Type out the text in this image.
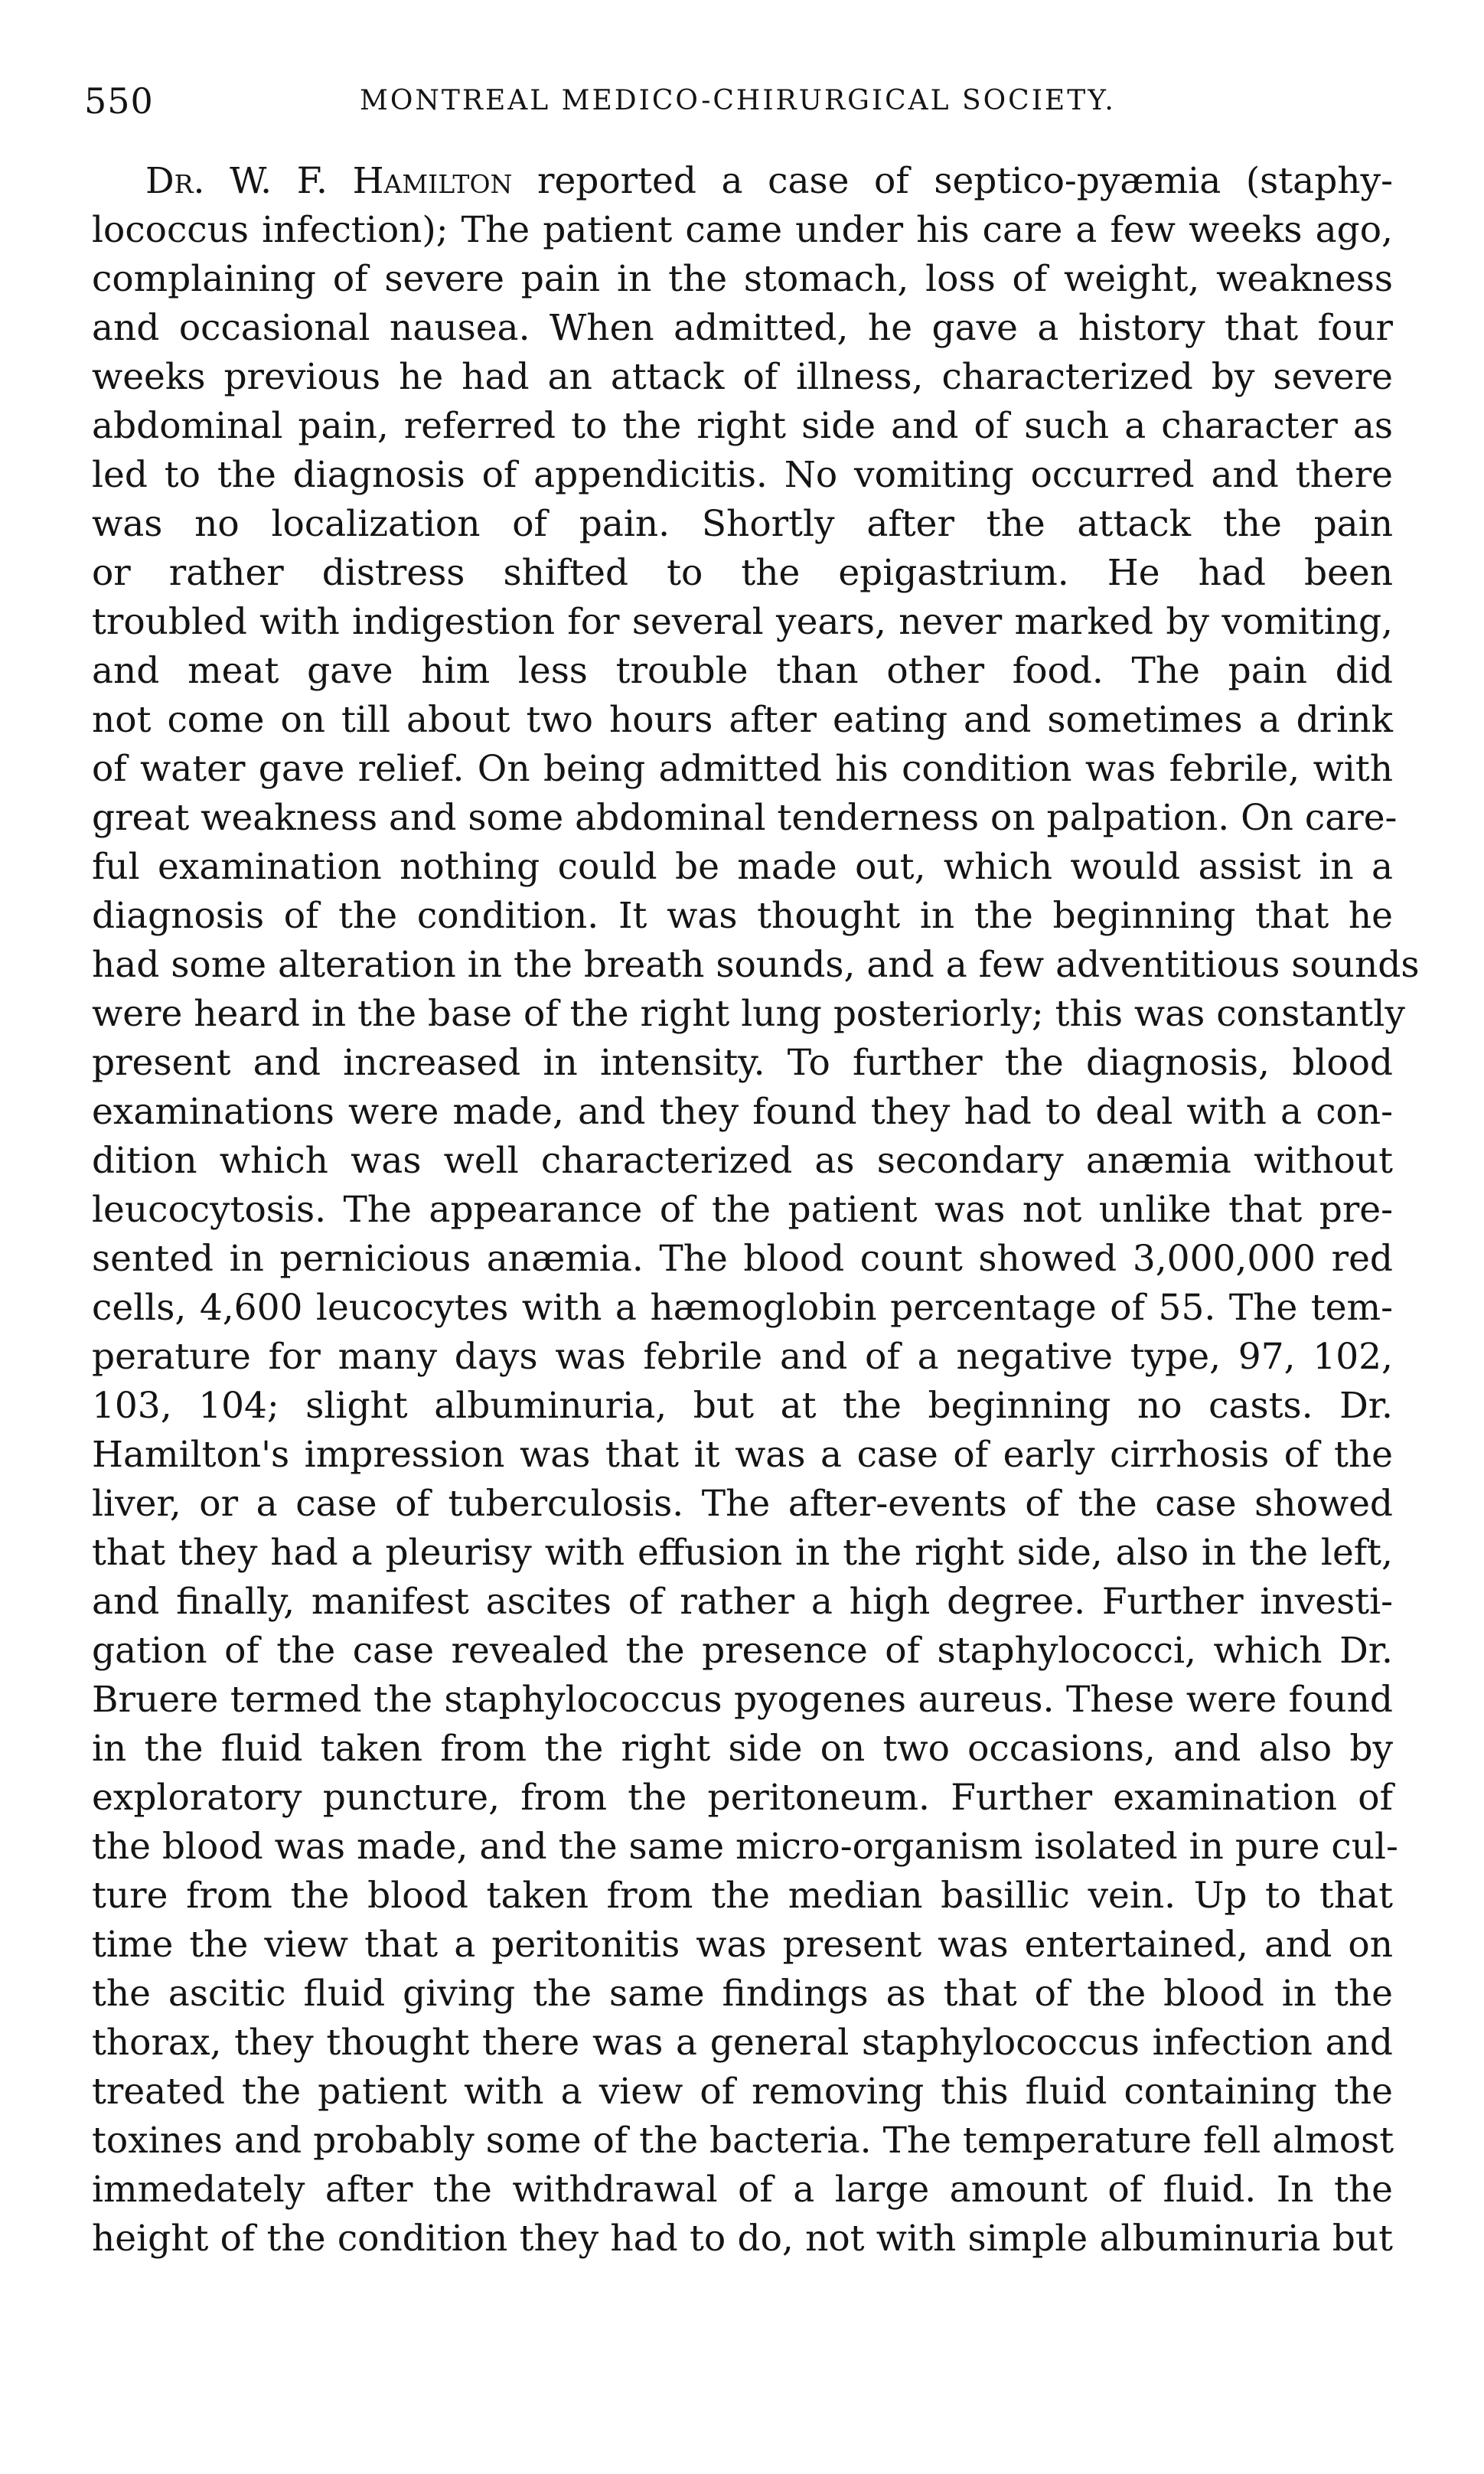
550	MONTREAL MEDICO-CHIRURGICAL SOCIETY.
Dr. W. F. Hamilton reported a case of septico-pyæmia (staphy-
lococcus infection); The patient came under his care a few weeks ago,
complaining of severe pain in the stomach, loss of weight, weakness
and occasional nausea. When admitted, he gave a history that four
weeks previous he had an attack of illness, characterized by severe
abdominal pain, referred to the right side and of such a character as
led to the diagnosis of appendicitis. No vomiting occurred and there
was no localization of pain. Shortly after the attack the pain
or rather distress shifted to the epigastrium. He had been
troubled with indigestion for several years, never marked by vomiting,
and meat gave him less trouble than other food. The pain did
not come on till about two hours after eating and sometimes a drink
of water gave relief. On being admitted his condition was febrile, with
great weakness and some abdominal tenderness on palpation. On care-
ful examination nothing could be made out, which would assist in a
diagnosis of the condition. It was thought in the beginning that he
had some alteration in the breath sounds, and a few adventitious sounds
were heard in the base of the right lung posteriorly; this was constantly
present and increased in intensity. To further the diagnosis, blood
examinations were made, and they found they had to deal with a con-
dition which was well characterized as secondary anæmia without
leucocytosis. The appearance of the patient was not unlike that pre-
sented in pernicious anæmia. The blood count showed 3,000,000 red
cells, 4,600 leucocytes with a hæmoglobin percentage of 55. The tem-
perature for many days was febrile and of a negative type, 97, 102,
103, 104; slight albuminuria, but at the beginning no casts. Dr.
Hamilton's impression was that it was a case of early cirrhosis of the
liver, or a case of tuberculosis. The after-events of the case showed
that they had a pleurisy with effusion in the right side, also in the left,
and finally, manifest ascites of rather a high degree. Further investi-
gation of the case revealed the presence of staphylococci, which Dr.
Bruere termed the staphylococcus pyogenes aureus. These were found
in the fluid taken from the right side on two occasions, and also by
exploratory puncture, from the peritoneum. Further examination of
the blood was made, and the same micro-organism isolated in pure cul-
ture from the blood taken from the median basillic vein. Up to that
time the view that a peritonitis was present was entertained, and on
the ascitic fluid giving the same findings as that of the blood in the
thorax, they thought there was a general staphylococcus infection and
treated the patient with a view of removing this fluid containing the
toxines and probably some of the bacteria. The temperature fell almost
immedately after the withdrawal of a large amount of fluid. In the
height of the condition they had to do, not with simple albuminuria but
